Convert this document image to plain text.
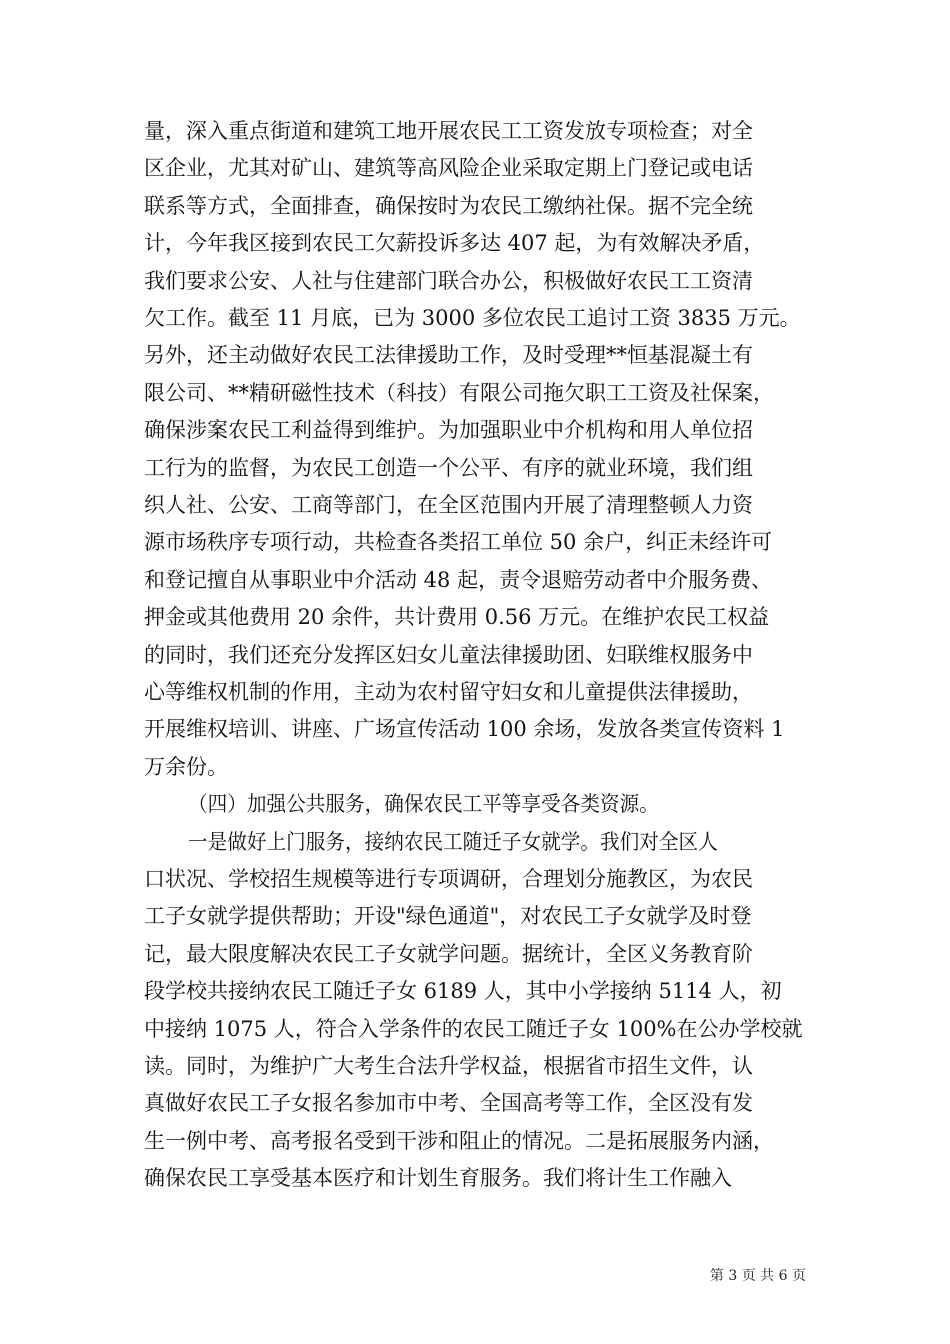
量，深入重点街道和建筑工地开展农民工工资发放专项检查；对全
区企业，尤其对矿山、建筑等高风险企业采取定期上门登记或电话
联系等方式，全面排查，确保按时为农民工缴纳社保。据不完全统
计，今年我区接到农民工欠薪投诉多达 407 起，为有效解决矛盾，
我们要求公安、人社与住建部门联合办公，积极做好农民工工资清
欠工作。截至 11 月底，已为 3000 多位农民工追讨工资 3835 万元。
另外，还主动做好农民工法律援助工作，及时受理**恒基混凝土有
限公司、**精研磁性技术（科技）有限公司拖欠职工工资及社保案，
确保涉案农民工利益得到维护。为加强职业中介机构和用人单位招
工行为的监督，为农民工创造一个公平、有序的就业环境，我们组
织人社、公安、工商等部门，在全区范围内开展了清理整顿人力资
源市场秩序专项行动，共检查各类招工单位 50 余户，纠正未经许可
和登记擅自从事职业中介活动 48 起，责令退赔劳动者中介服务费、
押金或其他费用 20 余件，共计费用 0.56 万元。在维护农民工权益
的同时，我们还充分发挥区妇女儿童法律援助团、妇联维权服务中
心等维权机制的作用，主动为农村留守妇女和儿童提供法律援助，
开展维权培训、讲座、广场宣传活动 100 余场，发放各类宣传资料 1
万余份。
（四）加强公共服务，确保农民工平等享受各类资源。
一是做好上门服务，接纳农民工随迁子女就学。我们对全区人
口状况、学校招生规模等进行专项调研，合理划分施教区，为农民
工子女就学提供帮助；开设"绿色通道"，对农民工子女就学及时登
记，最大限度解决农民工子女就学问题。据统计，全区义务教育阶
段学校共接纳农民工随迁子女 6189 人，其中小学接纳 5114 人，初
中接纳 1075 人，符合入学条件的农民工随迁子女 100%在公办学校就
读。同时，为维护广大考生合法升学权益，根据省市招生文件，认
真做好农民工子女报名参加市中考、全国高考等工作，全区没有发
生一例中考、高考报名受到干涉和阻止的情况。二是拓展服务内涵，
确保农民工享受基本医疗和计划生育服务。我们将计生工作融入
第 3 页 共 6 页
